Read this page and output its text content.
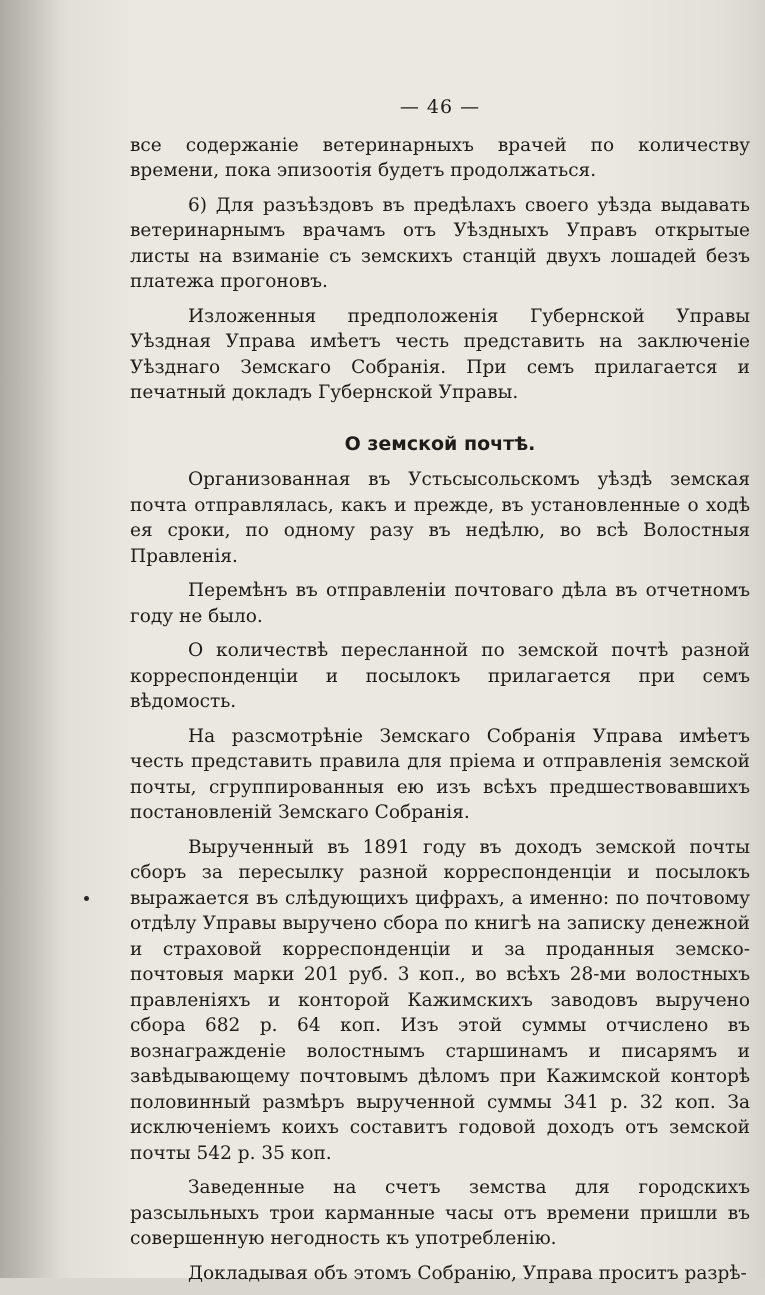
— 46 —

все содержаніе ветеринарныхъ врачей по количеству времени, пока эпизоотія будетъ продолжаться.

6) Для разъѣздовъ въ предѣлахъ своего уѣзда выдавать ветеринарнымъ врачамъ отъ Уѣздныхъ Управъ открытые листы на взиманіе съ земскихъ станцій двухъ лошадей безъ платежа прогоновъ.

Изложенныя предположенія Губернской Управы Уѣздная Управа имѣетъ честь представить на заключеніе Уѣзднаго Земскаго Собранія. При семъ прилагается и печатный докладъ Губернской Управы.

О земской почтѣ.

Организованная въ Устьсысольскомъ уѣздѣ земская почта отправлялась, какъ и прежде, въ установленные о ходѣ ея сроки, по одному разу въ недѣлю, во всѣ Волостныя Правленія.

Перемѣнъ въ отправленіи почтоваго дѣла въ отчетномъ году не было.

О количествѣ пересланной по земской почтѣ разной корреспонденціи и посылокъ прилагается при семъ вѣдомость.

На разсмотрѣніе Земскаго Собранія Управа имѣетъ честь представить правила для пріема и отправленія земской почты, сгруппированныя ею изъ всѣхъ предшествовавшихъ постановленій Земскаго Собранія.

Вырученный въ 1891 году въ доходъ земской почты сборъ за пересылку разной корреспонденціи и посылокъ выражается въ слѣдующихъ цифрахъ, а именно: по почтовому отдѣлу Управы выручено сбора по книгѣ на записку денежной и страховой корреспонденціи и за проданныя земско-почтовыя марки 201 руб. 3 коп., во всѣхъ 28-ми волостныхъ правленіяхъ и конторой Кажимскихъ заводовъ выручено сбора 682 р. 64 коп. Изъ этой суммы отчислено въ вознагражденіе волостнымъ старшинамъ и писарямъ и завѣдывающему почтовымъ дѣломъ при Кажимской конторѣ половинный размѣръ вырученной суммы 341 р. 32 коп. За исключеніемъ коихъ составитъ годовой доходъ отъ земской почты 542 р. 35 коп.

Заведенные на счетъ земства для городскихъ разсыльныхъ трои карманные часы отъ времени пришли въ совершенную негодность къ употребленію.

Докладывая объ этомъ Собранію, Управа проситъ разрѣ-
